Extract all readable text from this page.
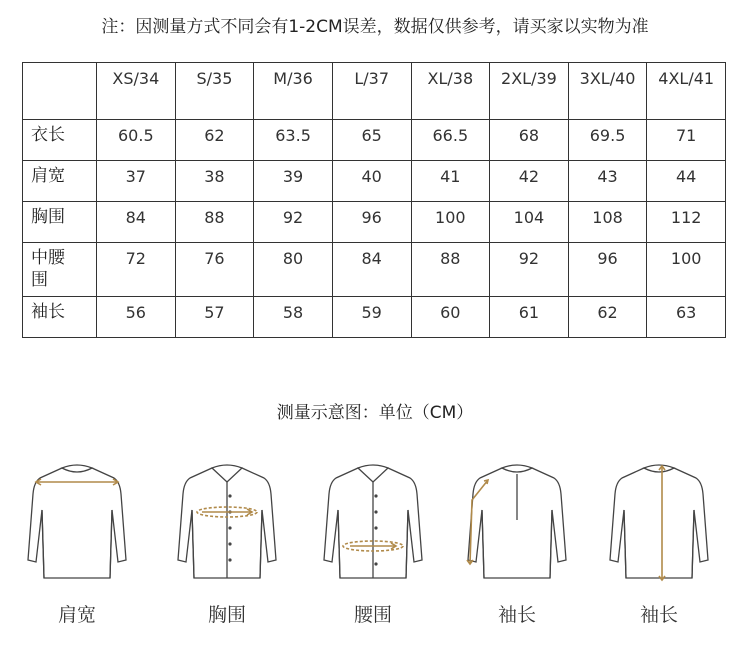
注：因测量方式不同会有1-2CM误差，数据仅供参考，请买家以实物为准
	XS/34	S/35	M/36	L/37	XL/38	2XL/39	3XL/40	4XL/41
衣长	60.5	62	63.5	65	66.5	68	69.5	71
肩宽	37	38	39	40	41	42	43	44
胸围	84	88	92	96	100	104	108	112
中腰围	72	76	80	84	88	92	96	100
袖长	56	57	58	59	60	61	62	63
测量示意图：单位（CM）
肩宽	胸围	腰围	袖长	袖长
